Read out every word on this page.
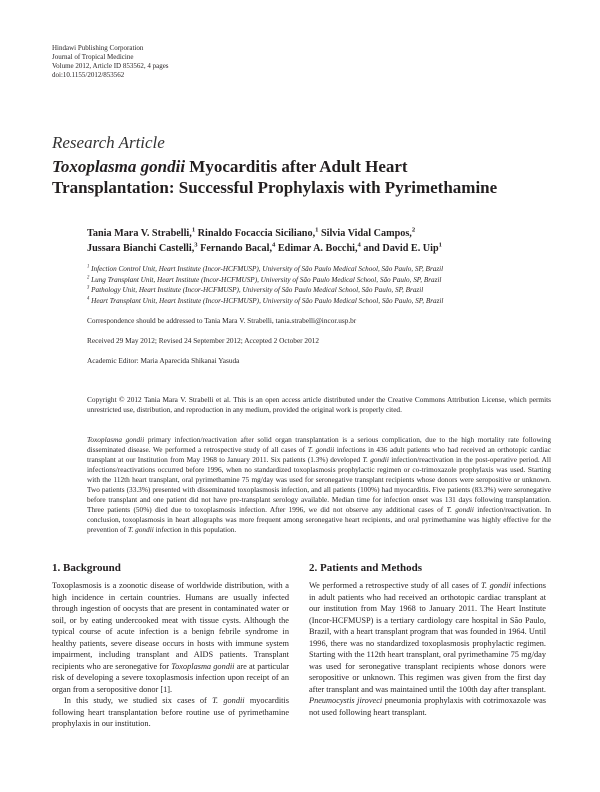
Hindawi Publishing Corporation
Journal of Tropical Medicine
Volume 2012, Article ID 853562, 4 pages
doi:10.1155/2012/853562
Research Article
Toxoplasma gondii Myocarditis after Adult Heart
Transplantation: Successful Prophylaxis with Pyrimethamine
Tania Mara V. Strabelli,$^1$ Rinaldo Focaccia Siciliano,$^1$ Silvia Vidal Campos,$^2$
Jussara Bianchi Castelli,$^3$ Fernando Bacal,$^4$ Edimar A. Bocchi,$^4$ and David E. Uip$^1$
$^1$ Infection Control Unit, Heart Institute (Incor-HCFMUSP), University of São Paulo Medical School, São Paulo, SP, Brazil
$^2$ Lung Transplant Unit, Heart Institute (Incor-HCFMUSP), University of São Paulo Medical School, São Paulo, SP, Brazil
$^3$ Pathology Unit, Heart Institute (Incor-HCFMUSP), University of São Paulo Medical School, São Paulo, SP, Brazil
$^4$ Heart Transplant Unit, Heart Institute (Incor-HCFMUSP), University of São Paulo Medical School, São Paulo, SP, Brazil
Correspondence should be addressed to Tania Mara V. Strabelli, tania.strabelli@incor.usp.br
Received 29 May 2012; Revised 24 September 2012; Accepted 2 October 2012
Academic Editor: Maria Aparecida Shikanai Yasuda
Copyright © 2012 Tania Mara V. Strabelli et al. This is an open access article distributed under the Creative Commons Attribution License, which permits unrestricted use, distribution, and reproduction in any medium, provided the original work is properly cited.
Toxoplasma gondii primary infection/reactivation after solid organ transplantation is a serious complication, due to the high mortality rate following disseminated disease. We performed a retrospective study of all cases of T. gondii infections in 436 adult patients who had received an orthotopic cardiac transplant at our Institution from May 1968 to January 2011. Six patients (1.3%) developed T. gondii infection/reactivation in the post-operative period. All infections/reactivations occurred before 1996, when no standardized toxoplasmosis prophylactic regimen or co-trimoxazole prophylaxis was used. Starting with the 112th heart transplant, oral pyrimethamine 75 mg/day was used for seronegative transplant recipients whose donors were seropositive or unknown. Two patients (33.3%) presented with disseminated toxoplasmosis infection, and all patients (100%) had myocarditis. Five patients (83.3%) were seronegative before transplant and one patient did not have pre-transplant serology available. Median time for infection onset was 131 days following transplantation. Three patients (50%) died due to toxoplasmosis infection. After 1996, we did not observe any additional cases of T. gondii infection/reactivation. In conclusion, toxoplasmosis in heart allographs was more frequent among seronegative heart recipients, and oral pyrimethamine was highly effective for the prevention of T. gondii infection in this population.
1. Background

Toxoplasmosis is a zoonotic disease of worldwide distribution, with a high incidence in certain countries. Humans are usually infected through ingestion of oocysts that are present in contaminated water or soil, or by eating undercooked meat with tissue cysts. Although the typical course of acute infection is a benign febrile syndrome in healthy patients, severe disease occurs in hosts with immune system impairment, including transplant and AIDS patients. Transplant recipients who are seronegative for Toxoplasma gondii are at particular risk of developing a severe toxoplasmosis infection upon receipt of an organ from a seropositive donor [1].

In this study, we studied six cases of T. gondii myocarditis following heart transplantation before routine use of pyrimethamine prophylaxis in our institution.

2. Patients and Methods

We performed a retrospective study of all cases of T. gondii infections in adult patients who had received an orthotopic cardiac transplant at our institution from May 1968 to January 2011. The Heart Institute (Incor-HCFMUSP) is a tertiary cardiology care hospital in São Paulo, Brazil, with a heart transplant program that was founded in 1964. Until 1996, there was no standardized toxoplasmosis prophylactic regimen. Starting with the 112th heart transplant, oral pyrimethamine 75 mg/day was used for seronegative transplant recipients whose donors were seropositive or unknown. This regimen was given from the first day after transplant and was maintained until the 100th day after transplant. Pneumocystis jiroveci pneumonia prophylaxis with cotrimoxazole was not used following heart transplant.
